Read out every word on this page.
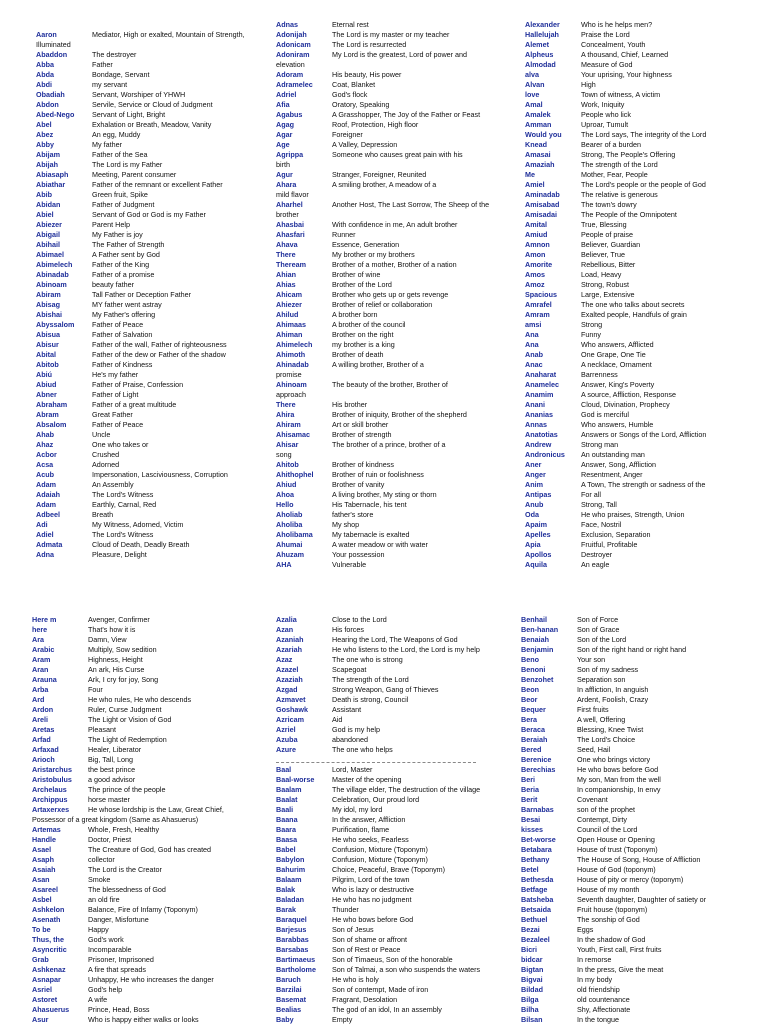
Aaron	Mediator, High or exalted, Mountain of Strength,
Illuminated
Abaddon	The destroyer
Abba	Father
Abda	Bondage, Servant
Abdi	my servant
Obadiah	Servant, Worshiper of YHWH
Abdon	Servile, Service or Cloud of Judgment
Abed-Nego	Servant of Light, Bright
Abel	Exhalation or Breath, Meadow, Vanity
Abez	An egg, Muddy
Abby	My father
Abijam	Father of the Sea
Abijah	The Lord is my Father
Abiasaph	Meeting, Parent consumer
Abiathar	Father of the remnant or excellent Father
Abib	Green fruit, Spike
Abidan	Father of Judgment
Abiel	Servant of God or God is my Father
Abiezer	Parent Help
Abigail	My Father is joy
Abihail	The Father of Strength
Abimael	A Father sent by God
Abimelech	Father of the King
Abinadab	Father of a promise
Abinoam	beauty father
Abiram	Tall Father or Deception Father
Abisag	MY father went astray
Abishai	My Father's offering
Abyssalom	Father of Peace
Abisua	Father of Salvation
Abisur	Father of the wall, Father of righteousness
Abital	Father of the dew or Father of the shadow
Abitob	Father of Kindness
Abiú	He's my father
Abiud	Father of Praise, Confession
Abner	Father of Light
Abraham	Father of a great multitude
Abram	Great Father
Absalom	Father of Peace
Ahab	Uncle
Ahaz	One who takes or
Acbor	Crushed
Acsa	Adorned
Acub	Impersonation, Lasciviousness, Corruption
Adam	An Assembly
Adaiah	The Lord's Witness
Adam	Earthly, Carnal, Red
Adbeel	Breath
Adi	My Witness, Adorned, Victim
Adiel	The Lord's Witness
Admata	Cloud of Death, Deadly Breath
Adna	Pleasure, Delight
Adnas	Eternal rest
Adonijah	The Lord is my master or my teacher
Adonicam	The Lord is resurrected
Adoniram	My Lord is the greatest, Lord of power and
elevation
Adoram	His beauty, His power
Adramelec	Coat, Blanket
Adriel	God's flock
Afia	Oratory, Speaking
Agabus	A Grasshopper, The Joy of the Father or Feast
Agag	Roof, Protection, High floor
Agar	Foreigner
Age	A Valley, Depression
Agrippa	Someone who causes great pain with his
birth
Agur	Stranger, Foreigner, Reunited
Ahara	A smiling brother, A meadow of a
mild flavor
Aharhel	Another Host, The Last Sorrow, The Sheep of the
brother
Ahasbai	With confidence in me, An adult brother
Ahasfari	Runner
Ahava	Essence, Generation
There	My brother or my brothers
Theream	Brother of a mother, Brother of a nation
Ahian	Brother of wine
Ahias	Brother of the Lord
Ahicam	Brother who gets up or gets revenge
Ahiezer	Brother of relief or collaboration
Ahilud	A brother born
Ahimaas	A brother of the council
Ahiman	Brother on the right
Ahimelech	my brother is a king
Ahimoth	Brother of death
Ahinadab	A willing brother, Brother of a
promise
Ahinoam	The beauty of the brother, Brother of
approach
There	His brother
Ahira	Brother of iniquity, Brother of the shepherd
Ahiram	Art or skill brother
Ahisamac	Brother of strength
Ahisar	The brother of a prince, brother of a
song
Ahitob	Brother of kindness
Ahithophel	Brother of ruin or foolishness
Ahiud	Brother of vanity
Ahoa	A living brother, My sting or thorn
Hello	His Tabernacle, his tent
Aholiab	father's store
Aholiba	My shop
Aholibama	My tabernacle is exalted
Ahumai	A water meadow or with water
Ahuzam	Your possession
AHA	Vulnerable
Alexander	Who is he helps men?
Hallelujah	Praise the Lord
Alemet	Concealment, Youth
Alpheus	A thousand, Chief, Learned
Almodad	Measure of God
alva	Your uprising, Your highness
Alvan	High
love	Town of witness, A victim
Amal	Work, Iniquity
Amalek	People who lick
Amman	Uproar, Tumult
Would you	The Lord says, The integrity of the Lord
Knead	Bearer of a burden
Amasai	Strong, The People's Offering
Amaziah	The strength of the Lord
Me	Mother, Fear, People
Amiel	The Lord's people or the people of God
Aminadab	The relative is generous
Amisabad	The town's dowry
Amisadai	The People of the Omnipotent
Amital	True, Blessing
Amiud	People of praise
Amnon	Believer, Guardian
Amon	Believer, True
Amorite	Rebellious, Bitter
Amos	Load, Heavy
Amoz	Strong, Robust
Spacious	Large, Extensive
Amrafel	The one who talks about secrets
Amram	Exalted people, Handfuls of grain
amsi	Strong
Ana	Funny
Ana	Who answers, Afflicted
Anab	One Grape, One Tie
Anac	A necklace, Ornament
Anaharat	Barrenness
Anamelec	Answer, King's Poverty
Anamim	A source, Affliction, Response
Anani	Cloud, Divination, Prophecy
Ananias	God is merciful
Annas	Who answers, Humble
Anatotias	Answers or Songs of the Lord, Affliction
Andrew	Strong man
Andronicus	An outstanding man
Aner	Answer, Song, Affliction
Anger	Resentment, Anger
Anim	A Town, The strength or sadness of the
Antipas	For all
Anub	Strong, Tall
Oda	He who praises, Strength, Union
Apaim	Face, Nostril
Apelles	Exclusion, Separation
Apia	Fruitful, Profitable
Apollos	Destroyer
Aquila	An eagle
Here m	Avenger, Confirmer
here	That's how it is
Ara	Damn, View
Arabic	Multiply, Sow sedition
Aram	Highness, Height
Aran	An ark, His Curse
Arauna	Ark, I cry for joy, Song
Arba	Four
Ard	He who rules, He who descends
Ardon	Ruler, Curse Judgment
Areli	The Light or Vision of God
Aretas	Pleasant
Arfad	The Light of Redemption
Arfaxad	Healer, Liberator
Arioch	Big, Tall, Long
Aristarchus	the best prince
Aristobulus	a good advisor
Archelaus	The prince of the people
Archippus	horse master
Artaxerxes	He whose lordship is the Law, Great Chief,
Possessor of a great kingdom (Same as Ahasuerus)
Artemas	Whole, Fresh, Healthy
Handle	Doctor, Priest
Asael	The Creature of God, God has created
Asaph	collector
Asaiah	The Lord is the Creator
Asan	Smoke
Asareel	The blessedness of God
Asbel	an old fire
Ashkelon	Balance, Fire of Infamy (Toponym)
Asenath	Danger, Misfortune
To be	Happy
Thus, the	God's work
Asyncritic	Incomparable
Grab	Prisoner, Imprisoned
Ashkenaz	A fire that spreads
Asnapar	Unhappy, He who increases the danger
Asriel	God's help
Astoret	A wife
Ahasuerus	Prince, Head, Boss
Asur	Who is happy either walks or looks
Azalia	Close to the Lord
Azan	His forces
Azaniah	Hearing the Lord, The Weapons of God
Azariah	He who listens to the Lord, the Lord is my help
Azaz	The one who is strong
Azazel	Scapegoat
Azaziah	The strength of the Lord
Azgad	Strong Weapon, Gang of Thieves
Azmavet	Death is strong, Council
Goshawk	Assistant
Azricam	Aid
Azriel	God is my help
Azuba	abandoned
Azure	The one who helps
Baal	Lord, Master
Baal-worse	Master of the opening
Baalam	The village elder, The destruction of the village
Baalat	Celebration, Our proud lord
Baali	My idol, my lord
Baana	In the answer, Affliction
Baara	Purification, flame
Baasa	He who seeks, Fearless
Babel	Confusion, Mixture (Toponym)
Babylon	Confusion, Mixture (Toponym)
Bahurim	Choice, Peaceful, Brave (Toponym)
Balaam	Pilgrim, Lord of the town
Balak	Who is lazy or destructive
Baladan	He who has no judgment
Barak	Thunder
Baraquel	He who bows before God
Barjesus	Son of Jesus
Barabbas	Son of shame or affront
Barsabas	Son of Rest or Peace
Bartimaeus	Son of Timaeus, Son of the honorable
Bartholome	Son of Talmai, a son who suspends the waters
Baruch	He who is holy
Barzilai	Son of contempt, Made of iron
Basemat	Fragrant, Desolation
Bealias	The god of an idol, In an assembly
Baby	Empty
Benhail	Son of Force
Ben-hanan	Son of Grace
Benaiah	Son of the Lord
Benjamin	Son of the right hand or right hand
Beno	Your son
Benoni	Son of my sadness
Benzohet	Separation son
Beon	In affliction, In anguish
Beor	Ardent, Foolish, Crazy
Bequer	First fruits
Bera	A well, Offering
Beraca	Blessing, Knee Twist
Beraiah	The Lord's Choice
Bered	Seed, Hail
Berenice	One who brings victory
Berechias	He who bows before God
Beri	My son, Man from the well
Beria	In companionship, In envy
Berit	Covenant
Barnabas	son of the prophet
Besai	Contempt, Dirty
kisses	Council of the Lord
Bet-worse	Open House or Opening
Betabara	House of trust (Toponym)
Bethany	The House of Song, House of Affliction
Betel	House of God (toponym)
Bethesda	House of pity or mercy (toponym)
Betfage	House of my month
Batsheba	Seventh daughter, Daughter of satiety or
Betsaida	Fruit house (toponym)
Bethuel	The sonship of God
Bezai	Eggs
Bezaleel	In the shadow of God
Bicri	Youth, First call, First fruits
bidcar	In remorse
Bigtan	In the press, Give the meat
Bigvai	In my body
Bildad	old friendship
Bilga	old countenance
Bilha	Shy, Affectionate
Bilsan	In the tongue
